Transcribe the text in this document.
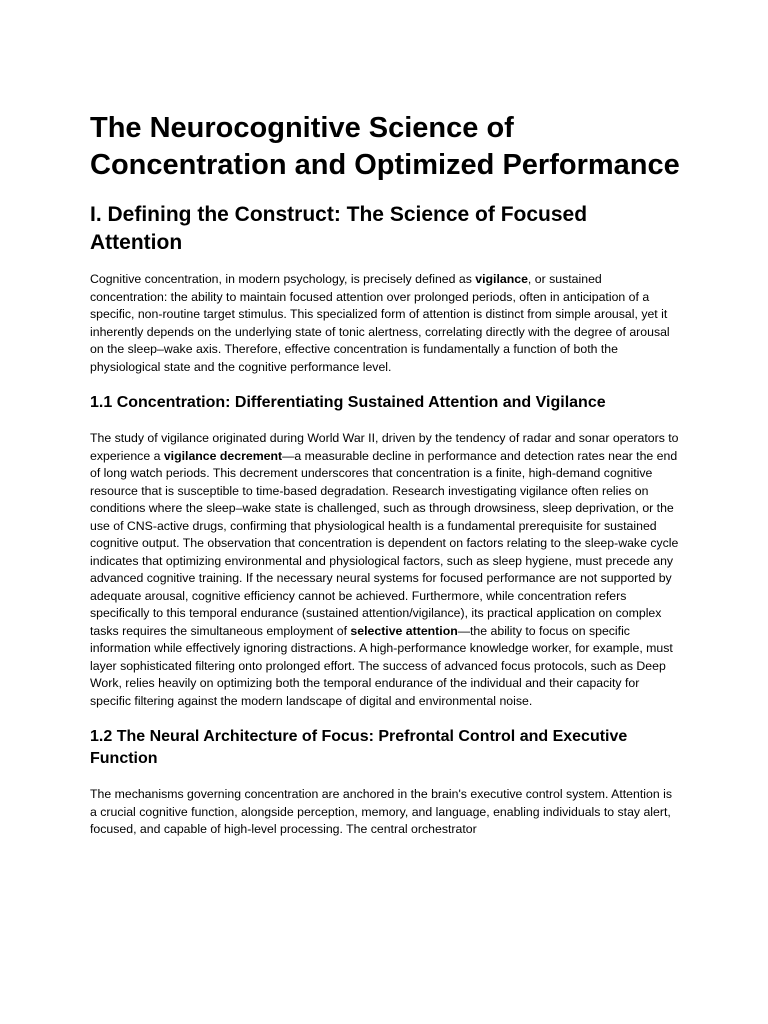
The Neurocognitive Science of Concentration and Optimized Performance
I. Defining the Construct: The Science of Focused Attention

Cognitive concentration, in modern psychology, is precisely defined as vigilance, or sustained concentration: the ability to maintain focused attention over prolonged periods, often in anticipation of a specific, non-routine target stimulus. This specialized form of attention is distinct from simple arousal, yet it inherently depends on the underlying state of tonic alertness, correlating directly with the degree of arousal on the sleep–wake axis. Therefore, effective concentration is fundamentally a function of both the physiological state and the cognitive performance level.

1.1 Concentration: Differentiating Sustained Attention and Vigilance

The study of vigilance originated during World War II, driven by the tendency of radar and sonar operators to experience a vigilance decrement—a measurable decline in performance and detection rates near the end of long watch periods. This decrement underscores that concentration is a finite, high-demand cognitive resource that is susceptible to time-based degradation. Research investigating vigilance often relies on conditions where the sleep–wake state is challenged, such as through drowsiness, sleep deprivation, or the use of CNS-active drugs, confirming that physiological health is a fundamental prerequisite for sustained cognitive output. The observation that concentration is dependent on factors relating to the sleep-wake cycle indicates that optimizing environmental and physiological factors, such as sleep hygiene, must precede any advanced cognitive training. If the necessary neural systems for focused performance are not supported by adequate arousal, cognitive efficiency cannot be achieved. Furthermore, while concentration refers specifically to this temporal endurance (sustained attention/vigilance), its practical application on complex tasks requires the simultaneous employment of selective attention—the ability to focus on specific information while effectively ignoring distractions. A high-performance knowledge worker, for example, must layer sophisticated filtering onto prolonged effort. The success of advanced focus protocols, such as Deep Work, relies heavily on optimizing both the temporal endurance of the individual and their capacity for specific filtering against the modern landscape of digital and environmental noise.

1.2 The Neural Architecture of Focus: Prefrontal Control and Executive Function

The mechanisms governing concentration are anchored in the brain's executive control system. Attention is a crucial cognitive function, alongside perception, memory, and language, enabling individuals to stay alert, focused, and capable of high-level processing. The central orchestrator
